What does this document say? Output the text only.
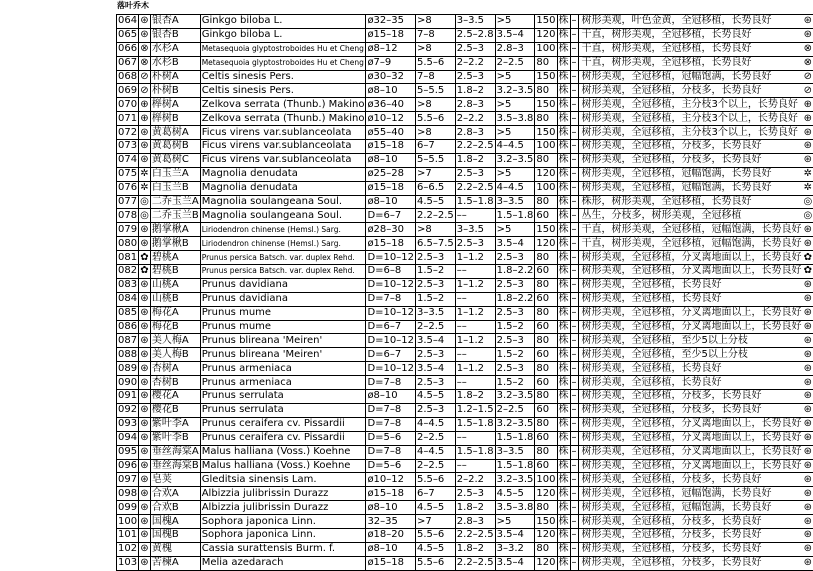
落叶乔木
064	⊛	银杏A	Ginkgo biloba L.	ø32–35	>8	3–3.5	>5	150	株	–		树形美观，叶色金黄，全冠移植，长势良好	⊛
065	⊛	银杏B	Ginkgo biloba L.	ø15–18	7–8	2.5–2.8	3.5–4	120	株	–		干直，树形美观，全冠移植，长势良好	⊛
066	⊗	水杉A	Metasequoia glyptostroboides Hu et Cheng	ø8–12	>8	2.5–3	2.8–3	100	株	–		干直，树形美观，全冠移植，长势良好	⊗
067	⊗	水杉B	Metasequoia glyptostroboides Hu et Cheng	ø7–9	5.5–6	2–2.2	2–2.5	80	株	–		干直，树形美观，全冠移植，长势良好	⊗
068	⊘	朴树A	Celtis sinesis Pers.	ø30–32	7–8	2.5–3	>5	150	株	–		树形美观，全冠移植，冠幅饱满，长势良好	⊘
069	⊘	朴树B	Celtis sinesis Pers.	ø8–10	5–5.5	1.8–2	3.2–3.5	80	株	–		树形美观，全冠移植，分枝多，长势良好	⊘
070	⊕	榉树A	Zelkova serrata (Thunb.) Makino	ø36–40	>8	2.8–3	>5	150	株	–		树形美观，全冠移植，主分枝3个以上，长势良好	⊕
071	⊕	榉树B	Zelkova serrata (Thunb.) Makino	ø10–12	5.5–6	2–2.2	3.5–3.8	80	株	–		树形美观，全冠移植，主分枝3个以上，长势良好	⊕
072	⊛	黄葛树A	Ficus virens var.sublanceolata	ø55–40	>8	2.8–3	>5	150	株	–		树形美观，全冠移植，主分枝3个以上，长势良好	⊛
073	⊛	黄葛树B	Ficus virens var.sublanceolata	ø15–18	6–7	2.2–2.5	4–4.5	100	株	–		树形美观，全冠移植，分枝多，长势良好	⊛
074	⊛	黄葛树C	Ficus virens var.sublanceolata	ø8–10	5–5.5	1.8–2	3.2–3.5	80	株	–		树形美观，全冠移植，分枝多，长势良好	⊛
075	✲	白玉兰A	Magnolia denudata	ø25–28	>7	2.5–3	>5	120	株	–		树形美观，全冠移植，冠幅饱满，长势良好	✲
076	✲	白玉兰B	Magnolia denudata	ø15–18	6–6.5	2.2–2.5	4–4.5	100	株	–		树形美观，全冠移植，冠幅饱满，长势良好	✲
077	◎	二乔玉兰A	Magnolia soulangeana Soul.	ø8–10	4.5–5	1.5–1.8	3–3.5	80	株	–		株形，树形美观，全冠移植，长势良好	◎
078	◎	二乔玉兰B	Magnolia soulangeana Soul.	D=6–7	2.2–2.5	––	1.5–1.8	60	株	–		丛生，分枝多，树形美观，全冠移植	◎
079	⊛	鹅掌楸A	Liriodendron chinense (Hemsl.) Sarg.	ø28–30	>8	3–3.5	>5	150	株	–		干直，树形美观，全冠移植，冠幅饱满，长势良好	⊛
080	⊛	鹅掌楸B	Liriodendron chinense (Hemsl.) Sarg.	ø15–18	6.5–7.5	2.5–3	3.5–4	120	株	–		干直，树形美观，全冠移植，冠幅饱满，长势良好	⊛
081	✿	碧桃A	Prunus persica Batsch. var. duplex Rehd.	D=10–12	2.5–3	1–1.2	2.5–3	80	株	–		树形美观，全冠移植，分叉离地面以上，长势良好	✿
082	✿	碧桃B	Prunus persica Batsch. var. duplex Rehd.	D=6–8	1.5–2	––	1.8–2.2	60	株	–		树形美观，全冠移植，分叉离地面以上，长势良好	✿
083	⊛	山桃A	Prunus davidiana	D=10–12	2.5–3	1–1.2	2.5–3	80	株	–		树形美观，全冠移植，长势良好	⊛
084	⊛	山桃B	Prunus davidiana	D=7–8	1.5–2	––	1.8–2.2	60	株	–		树形美观，全冠移植，长势良好	⊛
085	⊛	梅花A	Prunus mume	D=10–12	3–3.5	1–1.2	2.5–3	80	株	–		树形美观，全冠移植，分叉离地面以上，长势良好	⊛
086	⊛	梅花B	Prunus mume	D=6–7	2–2.5	––	1.5–2	60	株	–		树形美观，全冠移植，分叉离地面以上，长势良好	⊛
087	⊛	美人梅A	Prunus blireana 'Meiren'	D=10–12	3.5–4	1–1.2	2.5–3	80	株	–		树形美观，全冠移植，至少5以上分枝	⊛
088	⊛	美人梅B	Prunus blireana 'Meiren'	D=6–7	2.5–3	––	1.5–2	60	株	–		树形美观，全冠移植，至少5以上分枝	⊛
089	⊛	杏树A	Prunus armeniaca	D=10–12	3.5–4	1–1.2	2.5–3	80	株	–		树形美观，全冠移植，长势良好	⊛
090	⊛	杏树B	Prunus armeniaca	D=7–8	2.5–3	––	1.5–2	60	株	–		树形美观，全冠移植，长势良好	⊛
091	⊛	樱花A	Prunus serrulata	ø8–10	4.5–5	1.8–2	3.2–3.5	80	株	–		树形美观，全冠移植，分枝多，长势良好	⊛
092	⊛	樱花B	Prunus serrulata	D=7–8	2.5–3	1.2–1.5	2–2.5	60	株	–		树形美观，全冠移植，分枝多，长势良好	⊛
093	⊛	紫叶李A	Prunus ceraifera cv. Pissardii	D=7–8	4–4.5	1.5–1.8	3.2–3.5	80	株	–		树形美观，全冠移植，分叉离地面以上，长势良好	⊛
094	⊛	紫叶李B	Prunus ceraifera cv. Pissardii	D=5–6	2–2.5	––	1.5–1.8	60	株	–		树形美观，全冠移植，分叉离地面以上，长势良好	⊛
095	⊛	垂丝海棠A	Malus halliana (Voss.) Koehne	D=7–8	4–4.5	1.5–1.8	3–3.5	80	株	–		树形美观，全冠移植，分叉离地面以上，长势良好	⊛
096	⊛	垂丝海棠B	Malus halliana (Voss.) Koehne	D=5–6	2–2.5	––	1.5–1.8	60	株	–		树形美观，全冠移植，分叉离地面以上，长势良好	⊛
097	⊛	皂荚	Gleditsia sinensis Lam.	ø10–12	5.5–6	2–2.2	3.2–3.5	100	株	–		树形美观，全冠移植，分枝多，长势良好	⊛
098	⊛	合欢A	Albizzia julibrissin Durazz	ø15–18	6–7	2.5–3	4.5–5	120	株	–		树形美观，全冠移植，冠幅饱满，长势良好	⊛
099	⊛	合欢B	Albizzia julibrissin Durazz	ø8–10	4.5–5	1.8–2	3.5–3.8	80	株	–		树形美观，全冠移植，冠幅饱满，长势良好	⊛
100	⊛	国槐A	Sophora japonica Linn.	32–35	>7	2.8–3	>5	150	株	–		树形美观，全冠移植，分枝多，长势良好	⊛
101	⊛	国槐B	Sophora japonica Linn.	ø18–20	5.5–6	2.2–2.5	3.5–4	120	株	–		树形美观，全冠移植，分枝多，长势良好	⊛
102	⊛	黄槐	Cassia surattensis Burm. f.	ø8–10	4.5–5	1.8–2	3–3.2	80	株	–		树形美观，全冠移植，分枝多，长势良好	⊛
103	⊛	苦楝A	Melia azedarach	ø15–18	5.5–6	2.2–2.5	3.5–4	120	株	–		树形美观，全冠移植，分枝多，长势良好	⊛
